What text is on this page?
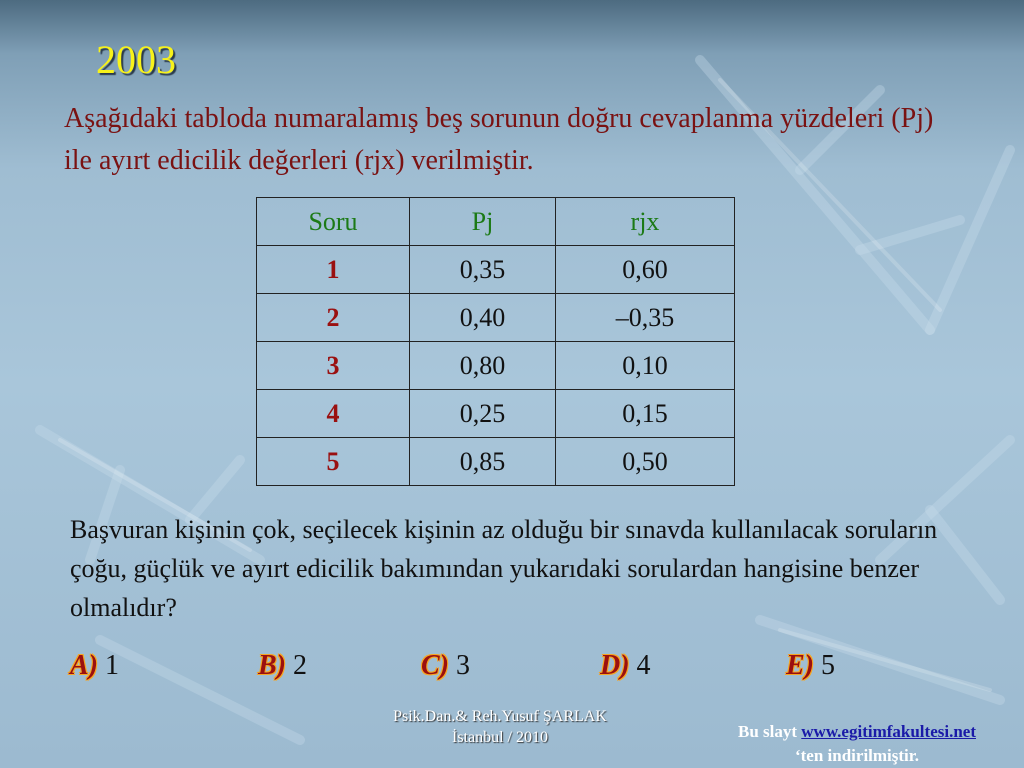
2003
Aşağıdaki tabloda numaralamış beş sorunun doğru cevaplanma yüzdeleri (Pj) ile ayırt edicilik değerleri (rjx) verilmiştir.
Soru	Pj	rjx
1	0,35	0,60
2	0,40	–0,35
3	0,80	0,10
4	0,25	0,15
5	0,85	0,50
Başvuran kişinin çok, seçilecek kişinin az olduğu bir sınavda kullanılacak soruların çoğu, güçlük ve ayırt edicilik bakımından yukarıdaki sorulardan hangisine benzer olmalıdır?
A) 1	B) 2	C) 3	D) 4	E) 5
Psik.Dan.& Reh.Yusuf ŞARLAK
İstanbul / 2010	Bu slayt www.egitimfakultesi.net
‘ten indirilmiştir.
